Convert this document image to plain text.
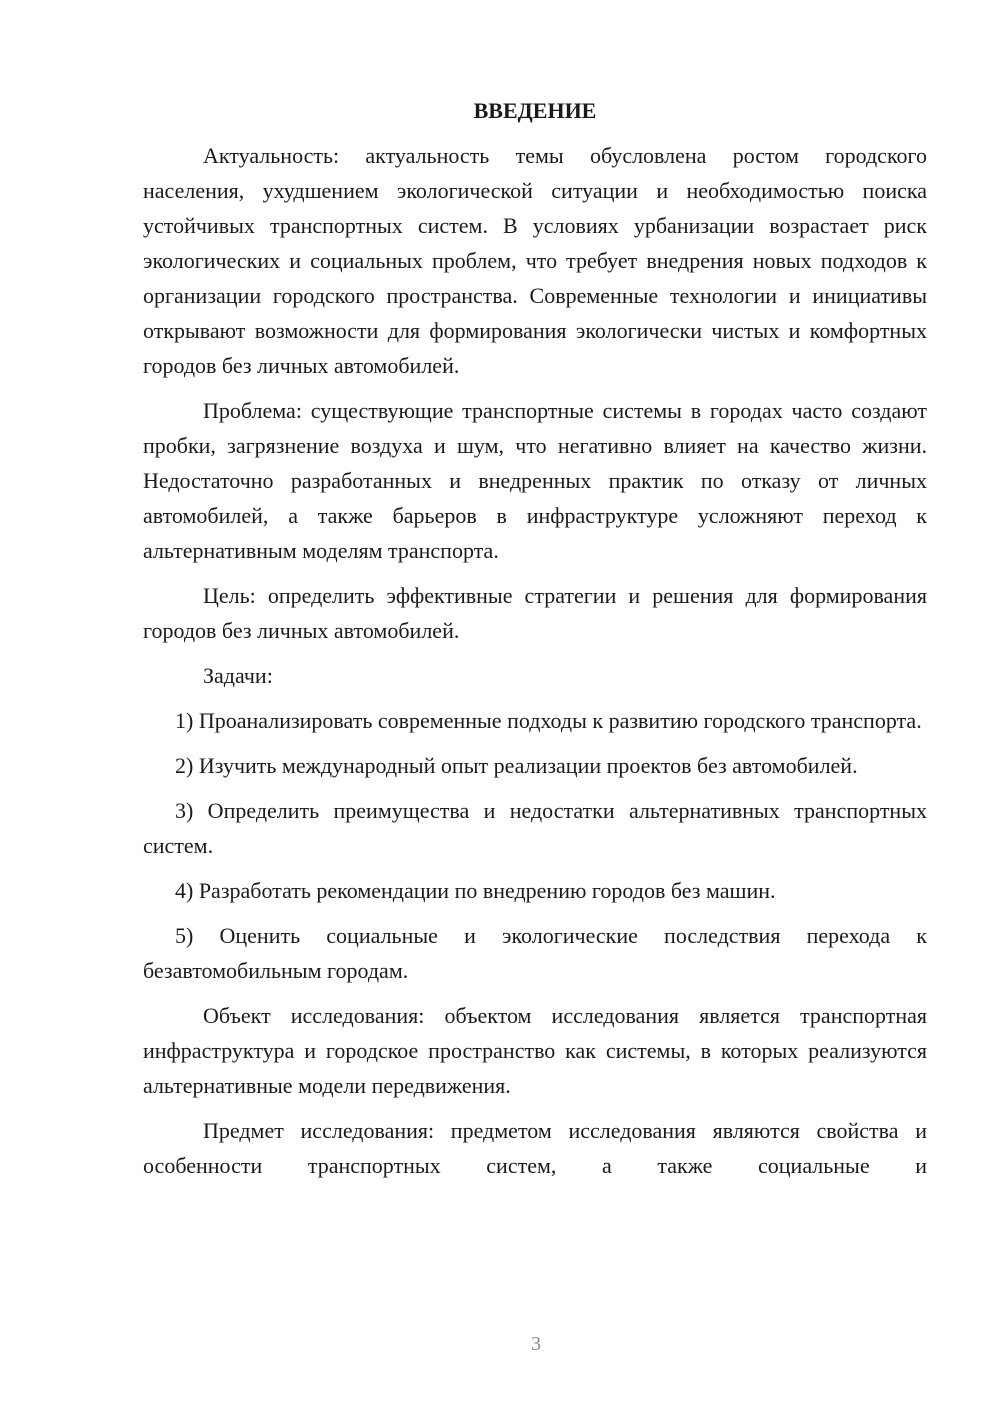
ВВЕДЕНИЕ

Актуальность: актуальность темы обусловлена ростом городского населения, ухудшением экологической ситуации и необходимостью поиска устойчивых транспортных систем. В условиях урбанизации возрастает риск экологических и социальных проблем, что требует внедрения новых подходов к организации городского пространства. Современные технологии и инициативы открывают возможности для формирования экологически чистых и комфортных городов без личных автомобилей.

Проблема: существующие транспортные системы в городах часто создают пробки, загрязнение воздуха и шум, что негативно влияет на качество жизни. Недостаточно разработанных и внедренных практик по отказу от личных автомобилей, а также барьеров в инфраструктуре усложняют переход к альтернативным моделям транспорта.

Цель: определить эффективные стратегии и решения для формирования городов без личных автомобилей.

Задачи:

1) Проанализировать современные подходы к развитию городского транспорта.

2) Изучить международный опыт реализации проектов без автомобилей.

3) Определить преимущества и недостатки альтернативных транспортных систем.

4) Разработать рекомендации по внедрению городов без машин.

5) Оценить социальные и экологические последствия перехода к безавтомобильным городам.

Объект исследования: объектом исследования является транспортная инфраструктура и городское пространство как системы, в которых реализуются альтернативные модели передвижения.

Предмет исследования: предметом исследования являются свойства и особенности транспортных систем, а также социальные и

3
